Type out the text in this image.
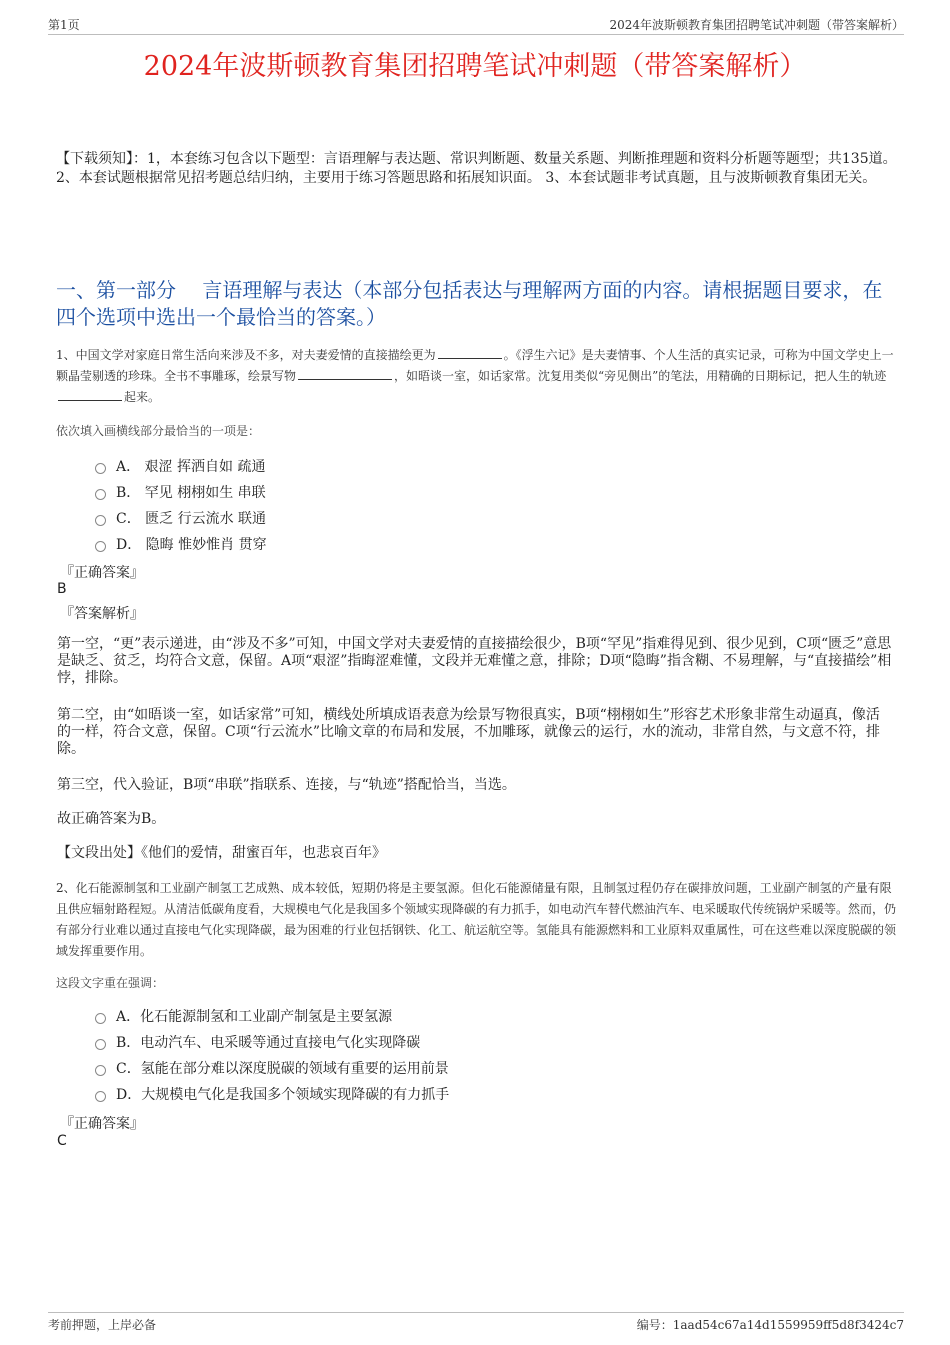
第1页	2024年波斯顿教育集团招聘笔试冲刺题（带答案解析）
2024年波斯顿教育集团招聘笔试冲刺题（带答案解析）
【下载须知】：1，本套练习包含以下题型：言语理解与表达题、常识判断题、数量关系题、判断推理题和资料分析题等题型；共135道。 2、本套试题根据常见招考题总结归纳，主要用于练习答题思路和拓展知识面。 3、本套试题非考试真题，且与波斯顿教育集团无关。
一、第一部分　 言语理解与表达（本部分包括表达与理解两方面的内容。请根据题目要求，在四个选项中选出一个最恰当的答案。）
1、中国文学对家庭日常生活向来涉及不多，对夫妻爱情的直接描绘更为	。《浮生六记》是夫妻情事、个人生活的真实记录，可称为中国文学史上一颗晶莹剔透的珍珠。全书不事雕琢，绘景写物	，如晤谈一室，如话家常。沈复用类似“旁见侧出”的笔法，用精确的日期标记，把人生的轨迹起来。
依次填入画横线部分最恰当的一项是：
A． 艰涩 挥洒自如 疏通
B． 罕见 栩栩如生 串联
C． 匮乏 行云流水 联通
D． 隐晦 惟妙惟肖 贯穿
『正确答案』
B
『答案解析』
第一空，“更”表示递进，由“涉及不多”可知，中国文学对夫妻爱情的直接描绘很少，B项“罕见”指难得见到、很少见到，C项“匮乏”意思是缺乏、贫乏，均符合文意，保留。A项“艰涩”指晦涩难懂，文段并无难懂之意，排除；D项“隐晦”指含糊、不易理解，与“直接描绘”相悖，排除。
第二空，由“如晤谈一室，如话家常”可知，横线处所填成语表意为绘景写物很真实，B项“栩栩如生”形容艺术形象非常生动逼真，像活的一样，符合文意，保留。C项“行云流水”比喻文章的布局和发展，不加雕琢，就像云的运行，水的流动，非常自然，与文意不符，排除。
第三空，代入验证，B项“串联”指联系、连接，与“轨迹”搭配恰当，当选。
故正确答案为B。
【文段出处】《他们的爱情，甜蜜百年，也悲哀百年》
2、化石能源制氢和工业副产制氢工艺成熟、成本较低，短期仍将是主要氢源。但化石能源储量有限，且制氢过程仍存在碳排放问题，工业副产制氢的产量有限且供应辐射路程短。从清洁低碳角度看，大规模电气化是我国多个领域实现降碳的有力抓手，如电动汽车替代燃油汽车、电采暖取代传统锅炉采暖等。然而，仍有部分行业难以通过直接电气化实现降碳，最为困难的行业包括钢铁、化工、航运航空等。氢能具有能源燃料和工业原料双重属性，可在这些难以深度脱碳的领域发挥重要作用。
这段文字重在强调：
A．化石能源制氢和工业副产制氢是主要氢源
B．电动汽车、电采暖等通过直接电气化实现降碳
C．氢能在部分难以深度脱碳的领域有重要的运用前景
D．大规模电气化是我国多个领域实现降碳的有力抓手
『正确答案』
C
考前押题，上岸必备	编号：1aad54c67a14d1559959ff5d8f3424c7
